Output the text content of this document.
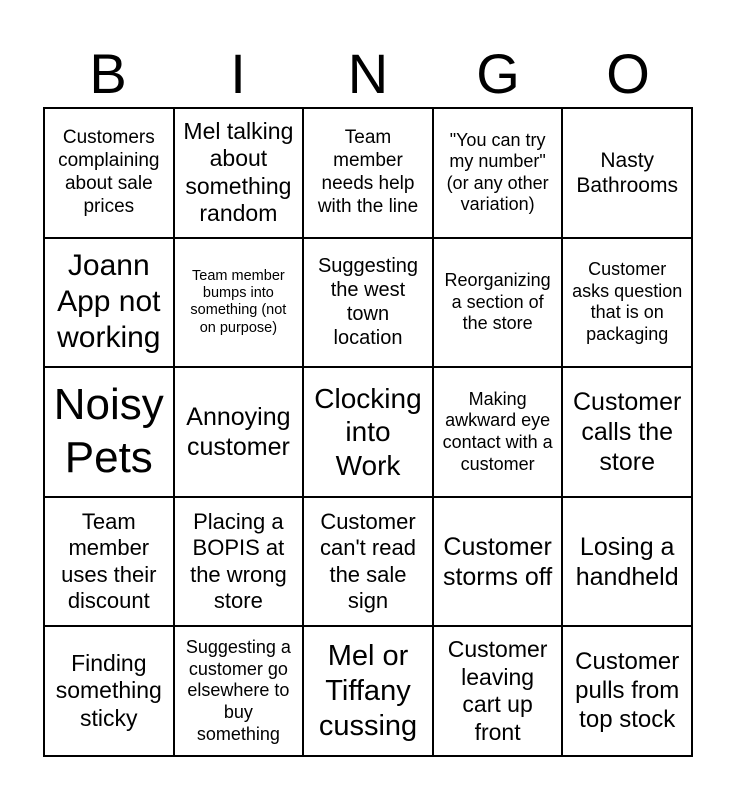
B	I	N	G	O
Customers complaining about sale prices
Mel talking about something random
Team member needs help with the line
"You can try my number" (or any other variation)
Nasty Bathrooms
Joann App not working
Team member bumps into something (not on purpose)
Suggesting the west town location
Reorganizing a section of the store
Customer asks question that is on packaging
Noisy Pets
Annoying customer
Clocking into Work
Making awkward eye contact with a customer
Customer calls the store
Team member uses their discount
Placing a BOPIS at the wrong store
Customer can't read the sale sign
Customer storms off
Losing a handheld
Finding something sticky
Suggesting a customer go elsewhere to buy something
Mel or Tiffany cussing
Customer leaving cart up front
Customer pulls from top stock
